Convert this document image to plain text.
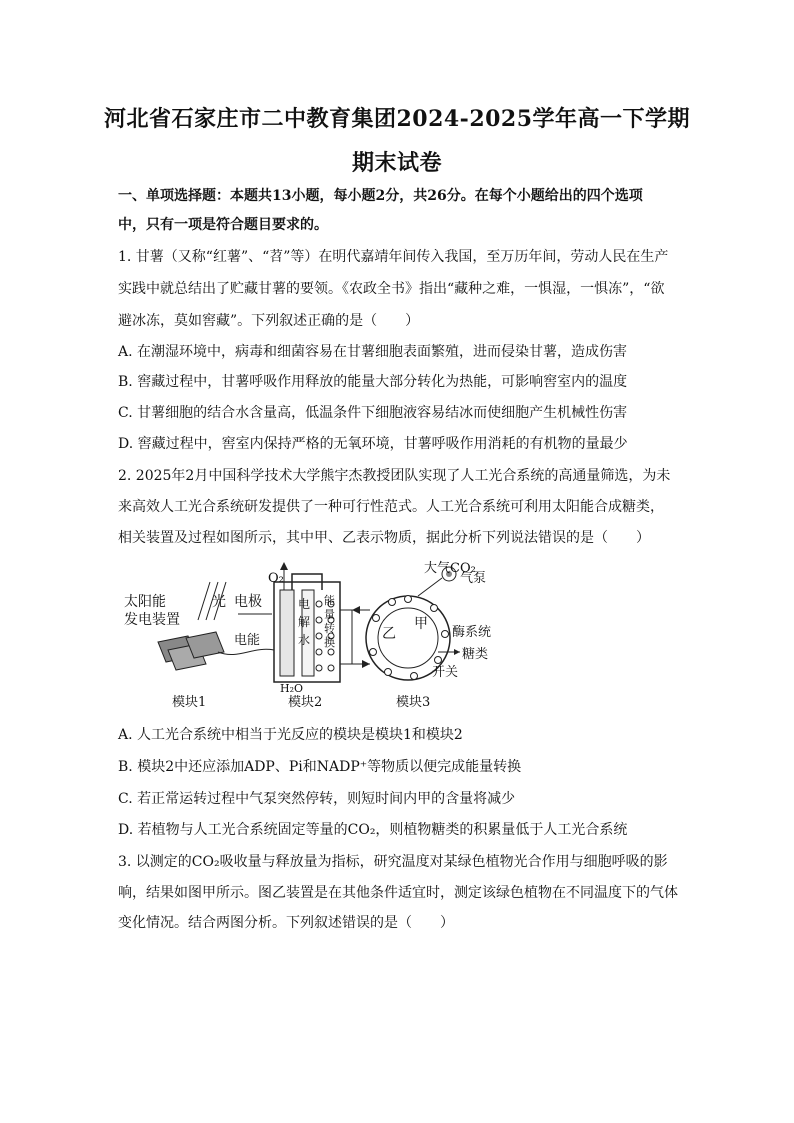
河北省石家庄市二中教育集团2024-2025学年高一下学期
期末试卷
一、单项选择题：本题共13小题，每小题2分，共26分。在每个小题给出的四个选项
中，只有一项是符合题目要求的。
1. 甘薯（又称“红薯”、“苕”等）在明代嘉靖年间传入我国，至万历年间，劳动人民在生产
实践中就总结出了贮藏甘薯的要领。《农政全书》指出“藏种之难，一惧湿，一惧冻”，“欲
避冰冻，莫如窖藏”。下列叙述正确的是（　　）
A. 在潮湿环境中，病毒和细菌容易在甘薯细胞表面繁殖，进而侵染甘薯，造成伤害
B. 窖藏过程中，甘薯呼吸作用释放的能量大部分转化为热能，可影响窖室内的温度
C. 甘薯细胞的结合水含量高，低温条件下细胞液容易结冰而使细胞产生机械性伤害
D. 窖藏过程中，窖室内保持严格的无氧环境，甘薯呼吸作用消耗的有机物的量最少
2. 2025年2月中国科学技术大学熊宇杰教授团队实现了人工光合系统的高通量筛选，为未
来高效人工光合系统研发提供了一种可行性范式。人工光合系统可利用太阳能合成糖类，
相关装置及过程如图所示，其中甲、乙表示物质，据此分析下列说法错误的是（　　）
太阳能
发电装置
光 电极
电能
O₂
电
解
水
能
量
转
换
H₂O
大气CO₂
气泵
乙
甲
酶系统
糖类
开关
模块1	模块2	模块3
A. 人工光合系统中相当于光反应的模块是模块1和模块2
B. 模块2中还应添加ADP、Pi和NADP⁺等物质以便完成能量转换
C. 若正常运转过程中气泵突然停转，则短时间内甲的含量将减少
D. 若植物与人工光合系统固定等量的CO₂，则植物糖类的积累量低于人工光合系统
3. 以测定的CO₂吸收量与释放量为指标，研究温度对某绿色植物光合作用与细胞呼吸的影
响，结果如图甲所示。图乙装置是在其他条件适宜时，测定该绿色植物在不同温度下的气体
变化情况。结合两图分析。下列叙述错误的是（　　）
